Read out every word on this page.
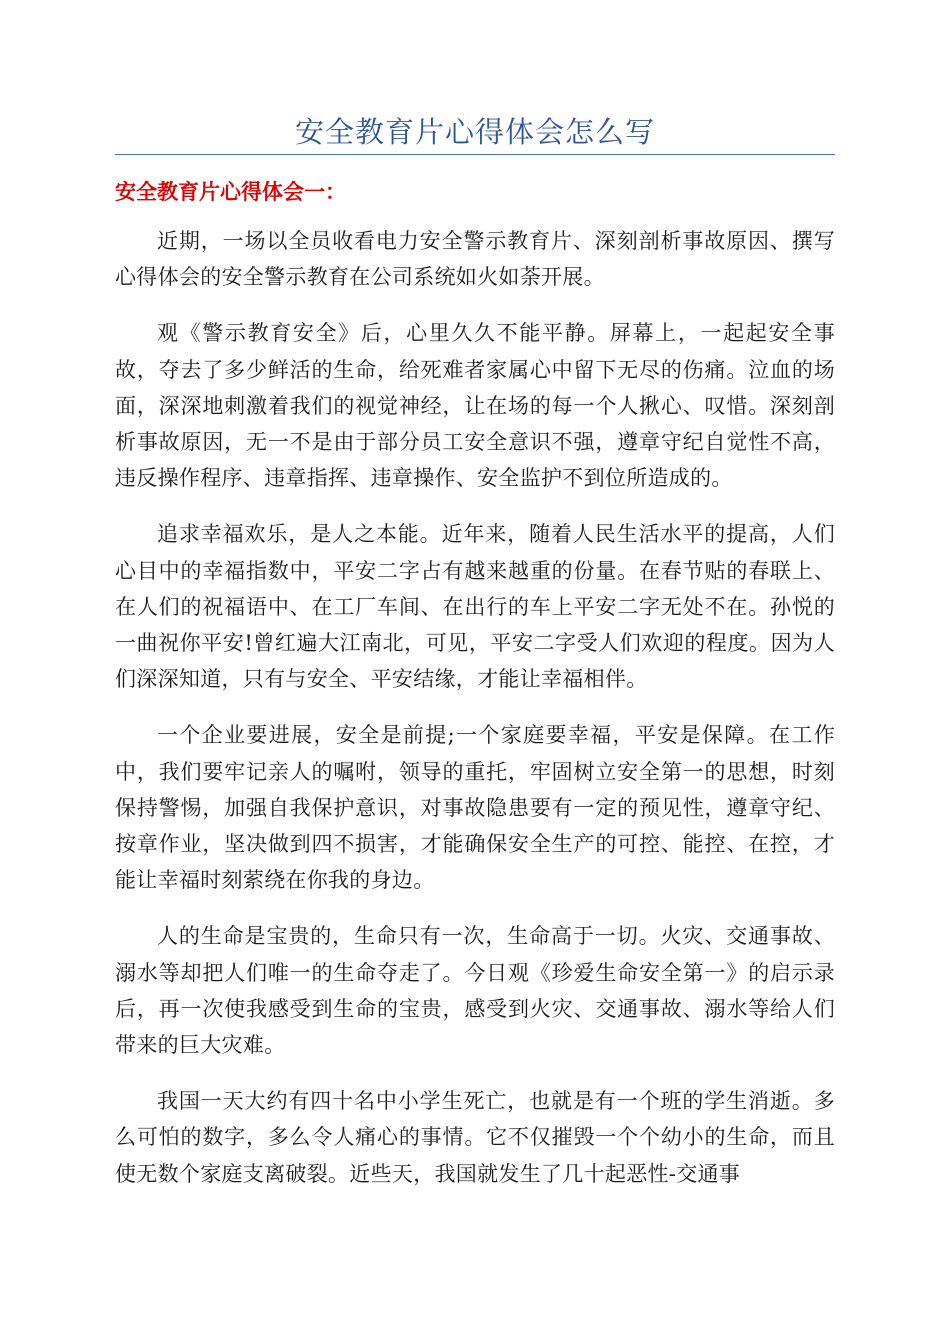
安全教育片心得体会怎么写
安全教育片心得体会一：

近期，一场以全员收看电力安全警示教育片、深刻剖析事故原因、撰写心得体会的安全警示教育在公司系统如火如荼开展。

观《警示教育安全》后，心里久久不能平静。屏幕上，一起起安全事故，夺去了多少鲜活的生命，给死难者家属心中留下无尽的伤痛。泣血的场面，深深地刺激着我们的视觉神经，让在场的每一个人揪心、叹惜。深刻剖析事故原因，无一不是由于部分员工安全意识不强，遵章守纪自觉性不高，违反操作程序、违章指挥、违章操作、安全监护不到位所造成的。

追求幸福欢乐，是人之本能。近年来，随着人民生活水平的提高，人们心目中的幸福指数中，平安二字占有越来越重的份量。在春节贴的春联上、在人们的祝福语中、在工厂车间、在出行的车上平安二字无处不在。孙悦的一曲祝你平安!曾红遍大江南北，可见，平安二字受人们欢迎的程度。因为人们深深知道，只有与安全、平安结缘，才能让幸福相伴。

一个企业要进展，安全是前提;一个家庭要幸福，平安是保障。在工作中，我们要牢记亲人的嘱咐，领导的重托，牢固树立安全第一的思想，时刻保持警惕，加强自我保护意识，对事故隐患要有一定的预见性，遵章守纪、按章作业，坚决做到四不损害，才能确保安全生产的可控、能控、在控，才能让幸福时刻萦绕在你我的身边。

人的生命是宝贵的，生命只有一次，生命高于一切。火灾、交通事故、溺水等却把人们唯一的生命夺走了。今日观《珍爱生命安全第一》的启示录后，再一次使我感受到生命的宝贵，感受到火灾、交通事故、溺水等给人们带来的巨大灾难。

我国一天大约有四十名中小学生死亡，也就是有一个班的学生消逝。多么可怕的数字，多么令人痛心的事情。它不仅摧毁一个个幼小的生命，而且使无数个家庭支离破裂。近些天，我国就发生了几十起恶性-交通事
